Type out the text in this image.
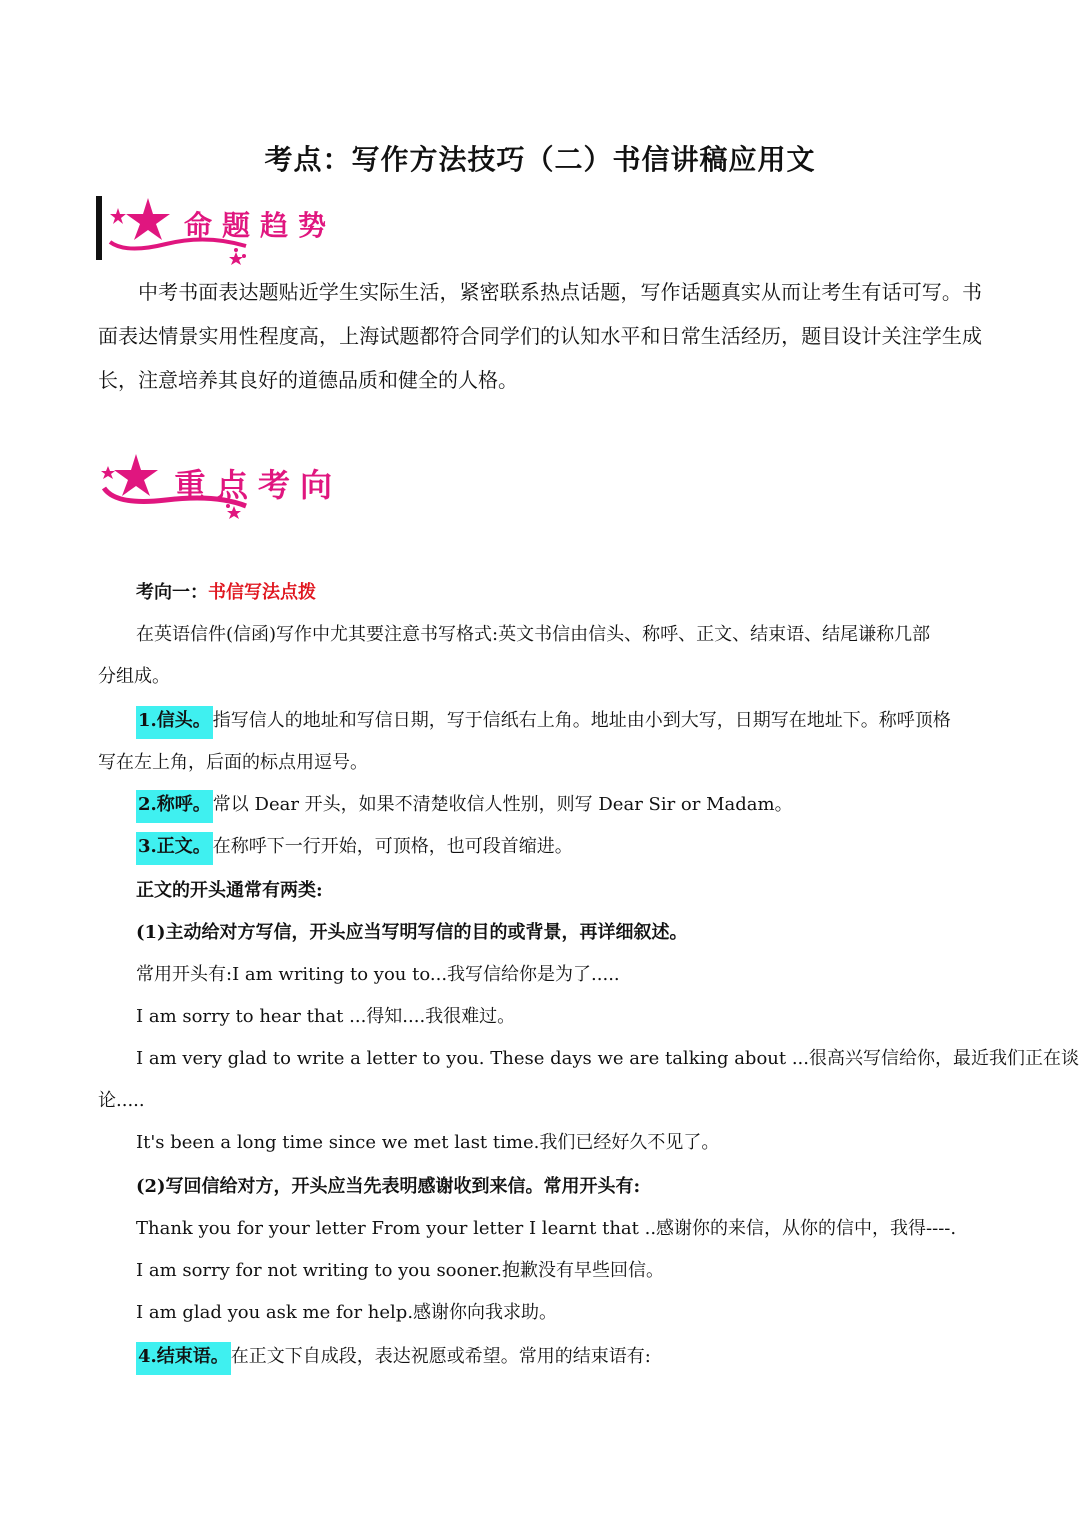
考点：写作方法技巧（二）书信讲稿应用文
命题趋势
中考书面表达题贴近学生实际生活，紧密联系热点话题，写作话题真实从而让考生有话可写。书面表达情景实用性程度高，上海试题都符合同学们的认知水平和日常生活经历，题目设计关注学生成长，注意培养其良好的道德品质和健全的人格。
重点考向
考向一：书信写法点拨
在英语信件(信函)写作中尤其要注意书写格式:英文书信由信头、称呼、正文、结束语、结尾谦称几部
分组成。
1.信头。 指写信人的地址和写信日期，写于信纸右上角。地址由小到大写，日期写在地址下。称呼顶格
写在左上角，后面的标点用逗号。
2.称呼。 常以 Dear 开头，如果不清楚收信人性别，则写 Dear Sir or Madam。
3.正文。 在称呼下一行开始，可顶格，也可段首缩进。
正文的开头通常有两类:
(1)主动给对方写信，开头应当写明写信的目的或背景，再详细叙述。
常用开头有:I am writing to you to...我写信给你是为了.....
I am sorry to hear that ...得知....我很难过。
I am very glad to write a letter to you. These days we are talking about ...很高兴写信给你，最近我们正在谈
论.....
It's been a long time since we met last time.我们已经好久不见了。
(2)写回信给对方，开头应当先表明感谢收到来信。常用开头有:
Thank you for your letter From your letter I learnt that ..感谢你的来信，从你的信中，我得----.
I am sorry for not writing to you sooner.抱歉没有早些回信。
I am glad you ask me for help.感谢你向我求助。
4.结束语。 在正文下自成段，表达祝愿或希望。常用的结束语有:
